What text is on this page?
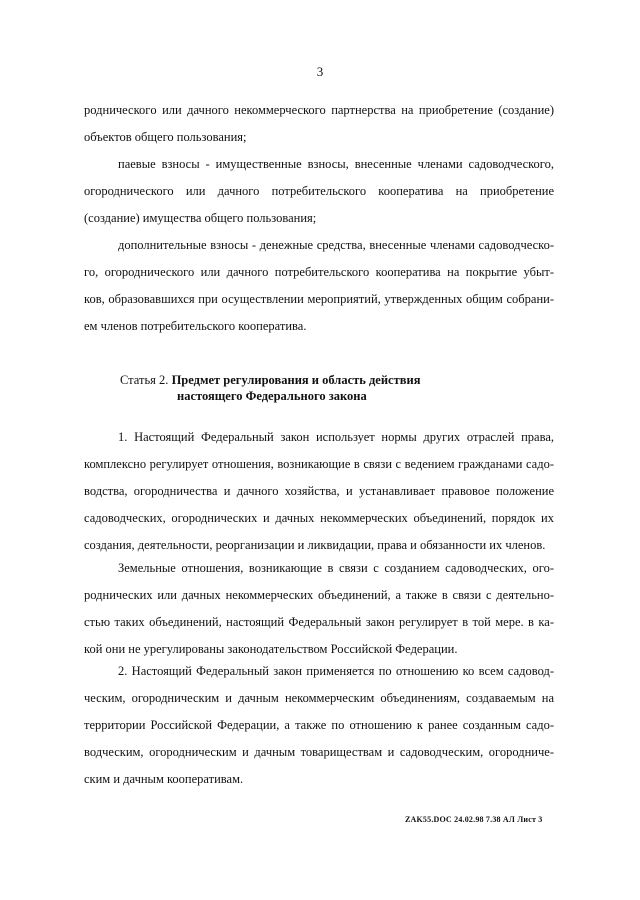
3
родническогo или дачного некоммерческого партнерства на приобретение (создание)
объектов общего пользования;
паевые взносы - имущественные взносы, внесенные членами садоводческого,
огороднического или дачного потребительского кооператива на приобретение
(создание) имущества общего пользования;
дополнительные взносы - денежные средства, внесенные членами садоводческо-
го, огороднического или дачного потребительского кооператива на покрытие убыт-
ков, образовавшихся при осуществлении мероприятий, утвержденных общим собрани-
ем членов потребительского кооператива.
Статья 2. Предмет регулирования и область действия
настоящего Федерального закона
1. Настоящий Федеральный закон использует нормы других отраслей права,
комплексно регулирует отношения, возникающие в связи с ведением гражданами садо-
водства, огородничества и дачного хозяйства, и устанавливает правовое положение
садоводческих, огороднических и дачных некоммерческих объединений, порядок их
создания, деятельности, реорганизации и ликвидации, права и обязанности их членов.
Земельные отношения, возникающие в связи с созданием садоводческих, ого-
роднических или дачных некоммерческих объединений, а также в связи с деятельно-
стью таких объединений, настоящий Федеральный закон регулирует в той мере. в ка-
кой они не урегулированы законодательством Российской Федерации.
2. Настоящий Федеральный закон применяется по отношению ко всем садовод-
ческим, огородническим и дачным некоммерческим объединениям, создаваемым на
территории Российской Федерации, а также по отношению к ранее созданным садо-
водческим, огородническим и дачным товариществам и садоводческим, огородниче-
ским и дачным кооперативам.
ZAK55.DOC 24.02.98 7.38 АЛ Лист 3
